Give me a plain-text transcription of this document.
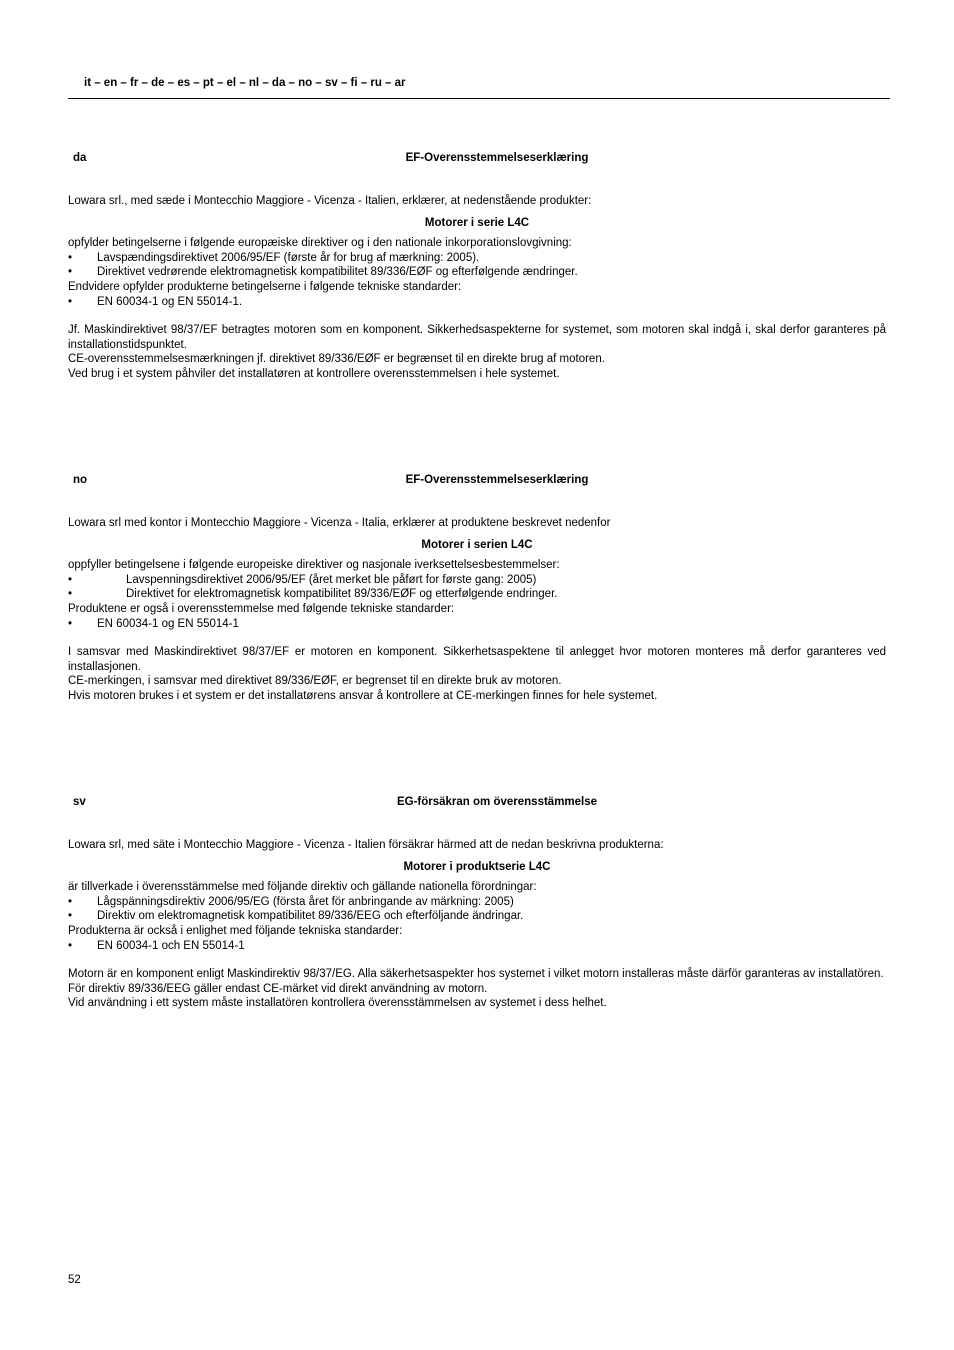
it – en – fr – de – es – pt – el – nl – da – no – sv – fi – ru – ar
da	EF-Overensstemmelseserklæring
Lowara srl., med sæde i Montecchio Maggiore - Vicenza - Italien, erklærer, at nedenstående produkter:
Motorer i serie L4C
opfylder betingelserne i følgende europæiske direktiver og i den nationale inkorporationslovgivning:
•	Lavspændingsdirektivet 2006/95/EF (første år for brug af mærkning: 2005).
•	Direktivet vedrørende elektromagnetisk kompatibilitet 89/336/EØF og efterfølgende ændringer.
Endvidere opfylder produkterne betingelserne i følgende tekniske standarder:
•	EN 60034-1 og EN 55014-1.
Jf. Maskindirektivet 98/37/EF betragtes motoren som en komponent. Sikkerhedsaspekterne for systemet, som motoren skal indgå i, skal derfor garanteres på installationstidspunktet.
CE-overensstemmelsesmærkningen jf. direktivet 89/336/EØF er begrænset til en direkte brug af motoren.
Ved brug i et system påhviler det installatøren at kontrollere overensstemmelsen i hele systemet.
no	EF-Overensstemmelseserklæring
Lowara srl med kontor i Montecchio Maggiore - Vicenza - Italia, erklærer at produktene beskrevet nedenfor
Motorer i serien L4C
oppfyller betingelsene i følgende europeiske direktiver og nasjonale iverksettelsesbestemmelser:
•	Lavspenningsdirektivet 2006/95/EF (året merket ble påført for første gang: 2005)
•	Direktivet for elektromagnetisk kompatibilitet 89/336/EØF og etterfølgende endringer.
Produktene er også i overensstemmelse med følgende tekniske standarder:
•	EN 60034-1 og EN 55014-1
I samsvar med Maskindirektivet 98/37/EF er motoren en komponent. Sikkerhetsaspektene til anlegget hvor motoren monteres må derfor garanteres ved installasjonen.
CE-merkingen, i samsvar med direktivet 89/336/EØF, er begrenset til en direkte bruk av motoren.
Hvis motoren brukes i et system er det installatørens ansvar å kontrollere at CE-merkingen finnes for hele systemet.
sv	EG-försäkran om överensstämmelse
Lowara srl, med säte i Montecchio Maggiore - Vicenza - Italien försäkrar härmed att de nedan beskrivna produkterna:
Motorer i produktserie L4C
är tillverkade i överensstämmelse med följande direktiv och gällande nationella förordningar:
•	Lågspänningsdirektiv 2006/95/EG (första året för anbringande av märkning: 2005)
•	Direktiv om elektromagnetisk kompatibilitet 89/336/EEG och efterföljande ändringar.
Produkterna är också i enlighet med följande tekniska standarder:
•	EN 60034-1 och EN 55014-1
Motorn är en komponent enligt Maskindirektiv 98/37/EG. Alla säkerhetsaspekter hos systemet i vilket motorn installeras måste därför garanteras av installatören.
För direktiv 89/336/EEG gäller endast CE-märket vid direkt användning av motorn.
Vid användning i ett system måste installatören kontrollera överensstämmelsen av systemet i dess helhet.
52
